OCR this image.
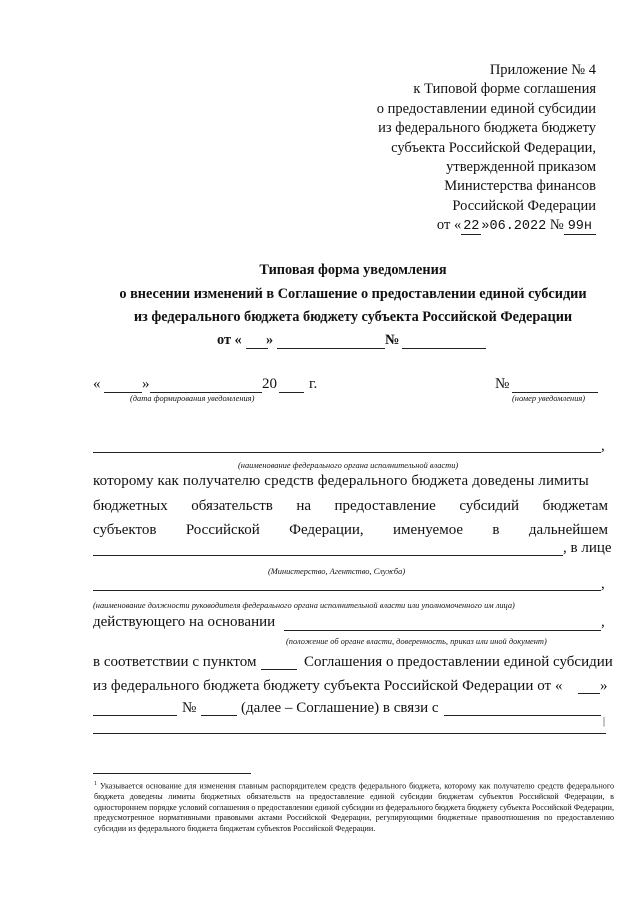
Приложение № 4
к Типовой форме соглашения
о предоставлении единой субсидии
из федерального бюджета бюджету
субъекта Российской Федерации,
утвержденной приказом
Министерства финансов
Российской Федерации
от « 22 »06.2022 № 99н
Типовая форма уведомления
о внесении изменений в Соглашение о предоставлении единой субсидии
из федерального бюджета бюджету субъекта Российской Федерации
от « »	№
«	»	20 г.
(дата формирования уведомления)
№
(номер уведомления)
,
(наименование федерального органа исполнительной власти)
которому как получателю средств федерального бюджета доведены лимиты
бюджетных обязательств на предоставление субсидий бюджетам
субъектов Российской Федерации, именуемое в дальнейшем
, в лице
(Министерство, Агентство, Служба)
,
(наименование должности руководителя федерального органа исполнительной власти или уполномоченного им лица)
действующего на основании	,
(положение об органе власти, доверенность, приказ или иной документ)
в соответствии с пунктом	Соглашения о предоставлении единой субсидии
из федерального бюджета бюджету субъекта Российской Федерации от « »
№	(далее – Соглашение) в связи с
|
$^1$ Указывается основание для изменения главным распорядителем средств федерального бюджета, которому как получателю средств федерального бюджета доведены лимиты бюджетных обязательств на предоставление единой субсидии бюджетам субъектов Российской Федерации, в одностороннем порядке условий соглашения о предоставлении единой субсидии из федерального бюджета бюджету субъекта Российской Федерации, предусмотренное нормативными правовыми актами Российской Федерации, регулирующими бюджетные правоотношения по предоставлению субсидии из федерального бюджета бюджетам субъектов Российской Федерации.
